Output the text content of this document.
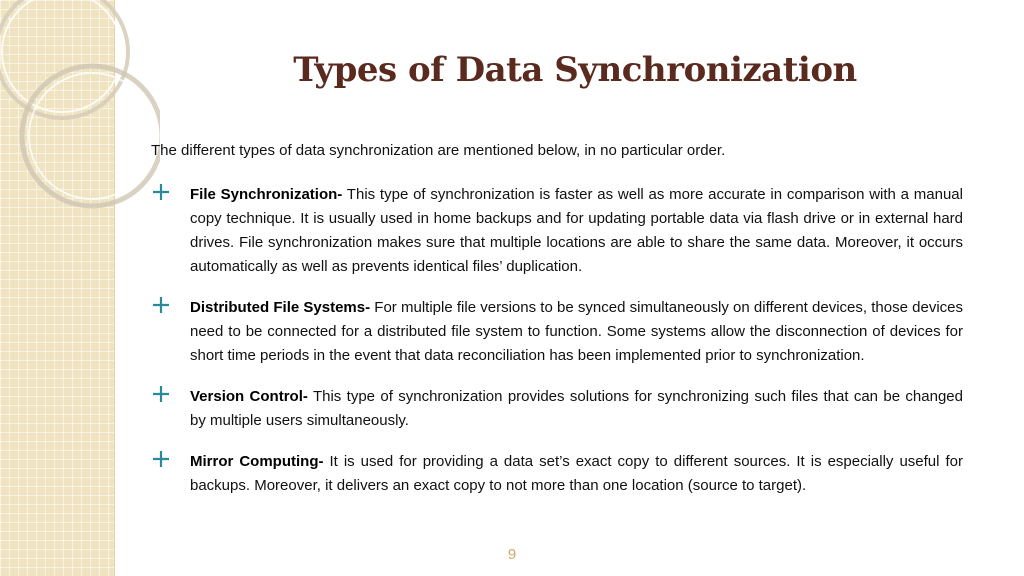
Types of Data Synchronization

The different types of data synchronization are mentioned below, in no particular order.

File Synchronization- This type of synchronization is faster as well as more accurate in comparison with a manual copy technique. It is usually used in home backups and for updating portable data via flash drive or in external hard drives. File synchronization makes sure that multiple locations are able to share the same data. Moreover, it occurs automatically as well as prevents identical files’ duplication.

Distributed File Systems- For multiple file versions to be synced simultaneously on different devices, those devices need to be connected for a distributed file system to function. Some systems allow the disconnection of devices for short time periods in the event that data reconciliation has been implemented prior to synchronization.

Version Control- This type of synchronization provides solutions for synchronizing such files that can be changed by multiple users simultaneously.

Mirror Computing- It is used for providing a data set’s exact copy to different sources. It is especially useful for backups. Moreover, it delivers an exact copy to not more than one location (source to target).

9
